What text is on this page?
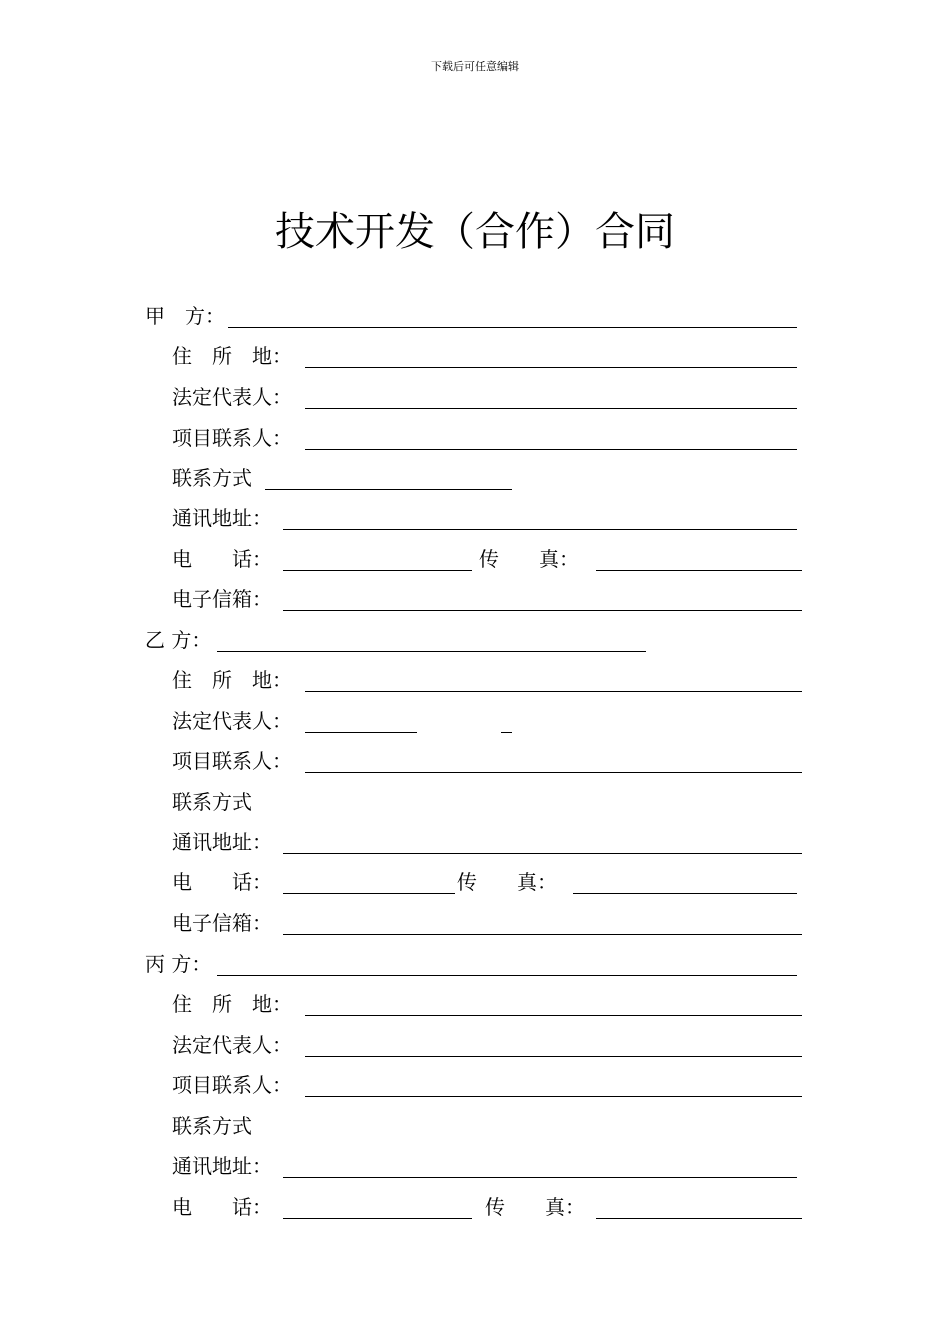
下载后可任意编辑
技术开发（合作）合同
甲　方：
住　所　地：
法定代表人：
项目联系人：
联系方式
通讯地址：
电　　话：	传　　真：
电子信箱：
乙 方：
住　所　地：
法定代表人：
项目联系人：
联系方式
通讯地址：
电　　话：	传　　真：
电子信箱：
丙 方：
住　所　地：
法定代表人：
项目联系人：
联系方式
通讯地址：
电　　话：	传　　真：
